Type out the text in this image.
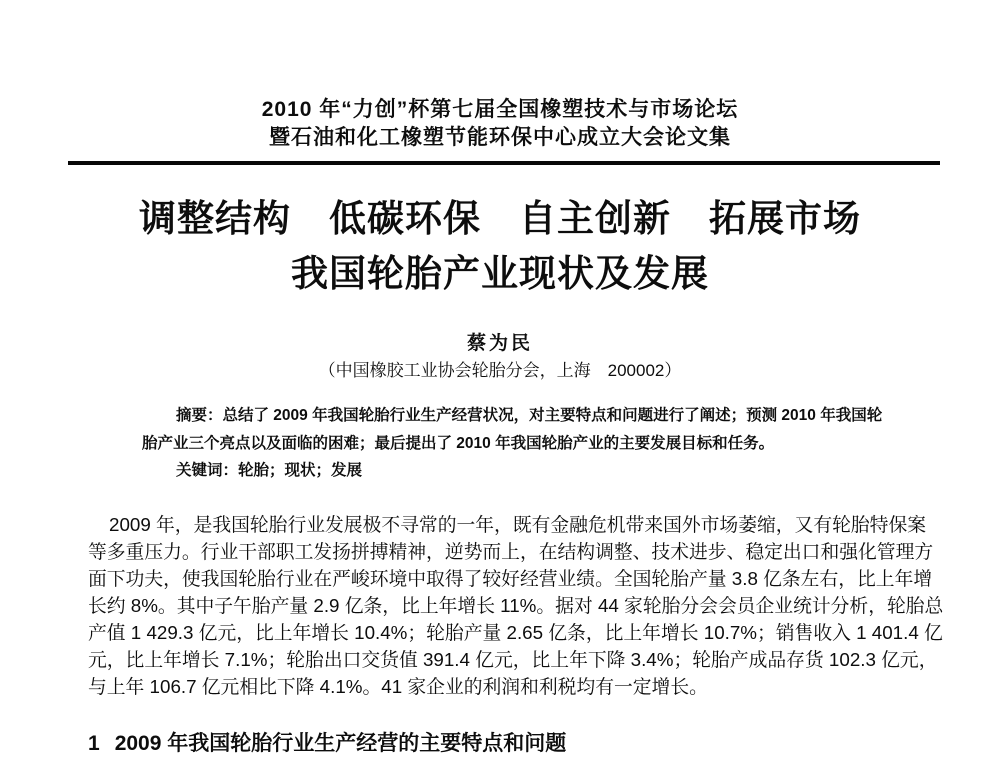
2010 年“力创”杯第七届全国橡塑技术与市场论坛
暨石油和化工橡塑节能环保中心成立大会论文集
调整结构　低碳环保　自主创新　拓展市场
我国轮胎产业现状及发展
蔡为民
（中国橡胶工业协会轮胎分会，上海　200002）
摘要：总结了 2009 年我国轮胎行业生产经营状况，对主要特点和问题进行了阐述；预测 2010 年我国轮
胎产业三个亮点以及面临的困难；最后提出了 2010 年我国轮胎产业的主要发展目标和任务。
关键词：轮胎；现状；发展
2009 年，是我国轮胎行业发展极不寻常的一年，既有金融危机带来国外市场萎缩，又有轮胎特保案
等多重压力。行业干部职工发扬拼搏精神，逆势而上，在结构调整、技术进步、稳定出口和强化管理方
面下功夫，使我国轮胎行业在严峻环境中取得了较好经营业绩。全国轮胎产量 3.8 亿条左右，比上年增
长约 8%。其中子午胎产量 2.9 亿条，比上年增长 11%。据对 44 家轮胎分会会员企业统计分析，轮胎总
产值 1 429.3 亿元，比上年增长 10.4%；轮胎产量 2.65 亿条，比上年增长 10.7%；销售收入 1 401.4 亿
元，比上年增长 7.1%；轮胎出口交货值 391.4 亿元，比上年下降 3.4%；轮胎产成品存货 102.3 亿元，
与上年 106.7 亿元相比下降 4.1%。41 家企业的利润和利税均有一定增长。
1 2009 年我国轮胎行业生产经营的主要特点和问题
